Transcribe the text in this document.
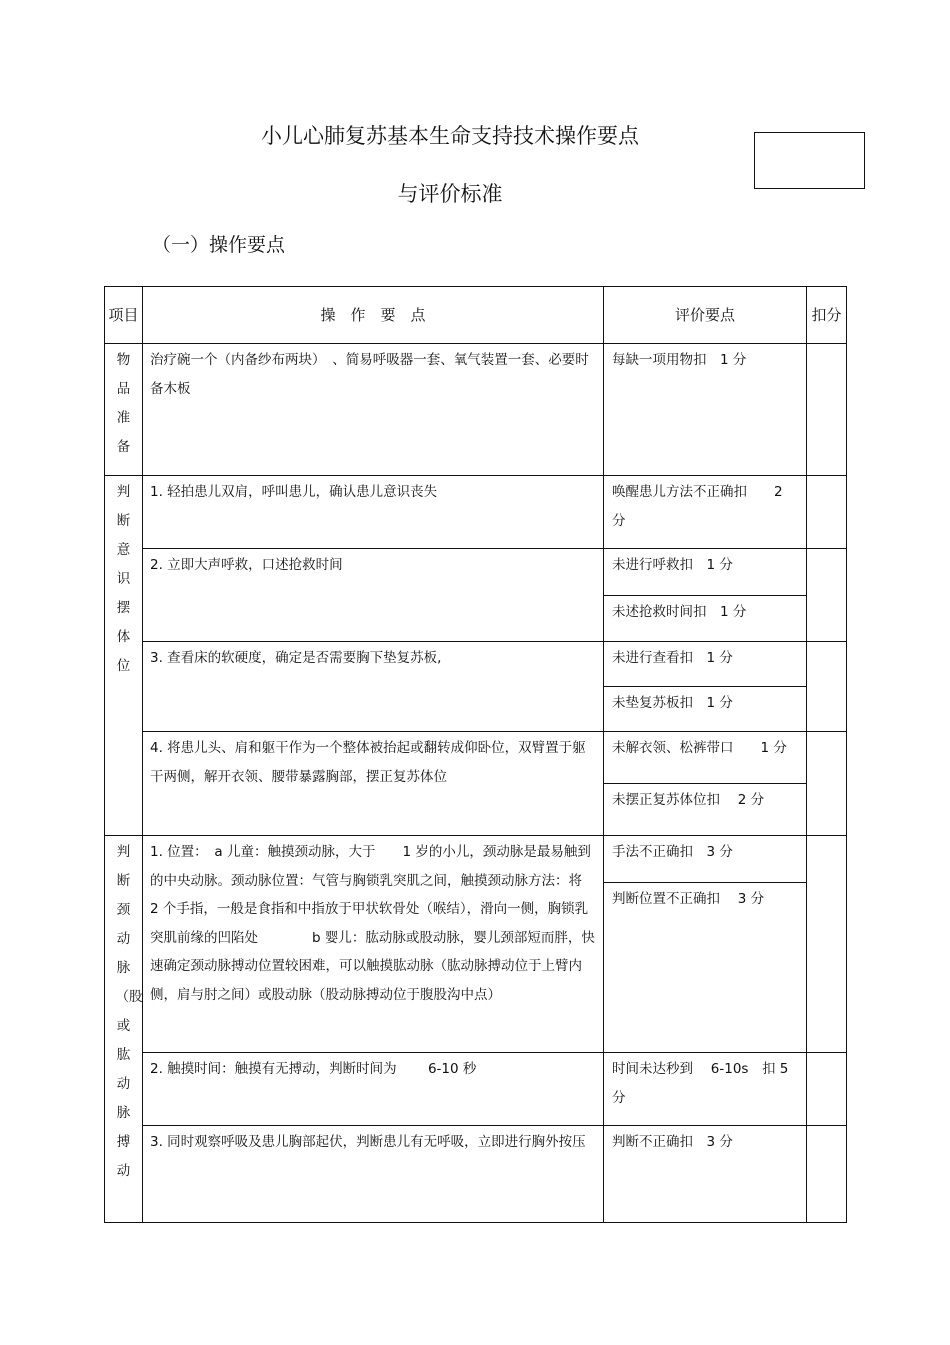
小儿心肺复苏基本生命支持技术操作要点
与评价标准
（一）操作要点
项目	操　作　要　点	评价要点	扣分

物品准备	治疗碗一个（内备纱布两块）　、简易呼吸器一套、氧气装置一套、必要时备木板	每缺一项用物扣　1 分	

判断意识　摆体位	1. 轻拍患儿双肩，呼叫患儿，确认患儿意识丧失	唤醒患儿方法不正确扣　　2 分	

	2. 立即大声呼救，口述抢救时间	未进行呼救扣　1 分
未述抢救时间扣　1 分	

	3. 查看床的软硬度，确定是否需要胸下垫复苏板,	未进行查看扣　1 分
未垫复苏板扣　1 分	

	4. 将患儿头、肩和躯干作为一个整体被抬起或翻转成仰卧位，双臂置于躯干两侧，解开衣领、腰带暴露胸部，摆正复苏体位	未解衣领、松裤带口　　1 分
未摆正复苏体位扣　 2 分	

判断颈动脉（股或肱动脉搏动	1. 位置：　a 儿童：触摸颈动脉，大于　　1 岁的小儿，颈动脉是最易触到的中央动脉。颈动脉位置：气管与胸锁乳突肌之间，触摸颈动脉方法：将　　2 个手指，一般是食指和中指放于甲状软骨处（喉结），滑向一侧，胸锁乳突肌前缘的凹陷处　　　　b 婴儿：肱动脉或股动脉，婴儿颈部短而胖，快速确定颈动脉搏动位置较困难，可以触摸肱动脉（肱动脉搏动位于上臂内侧，肩与肘之间）或股动脉（股动脉搏动位于腹股沟中点）	手法不正确扣　3 分
判断位置不正确扣　 3 分	

	2. 触摸时间：触摸有无搏动，判断时间为　　 6-10 秒	时间未达秒到　 6-10s　扣 5 分	

	3. 同时观察呼吸及患儿胸部起伏，判断患儿有无呼吸，立即进行胸外按压	判断不正确扣　3 分	
